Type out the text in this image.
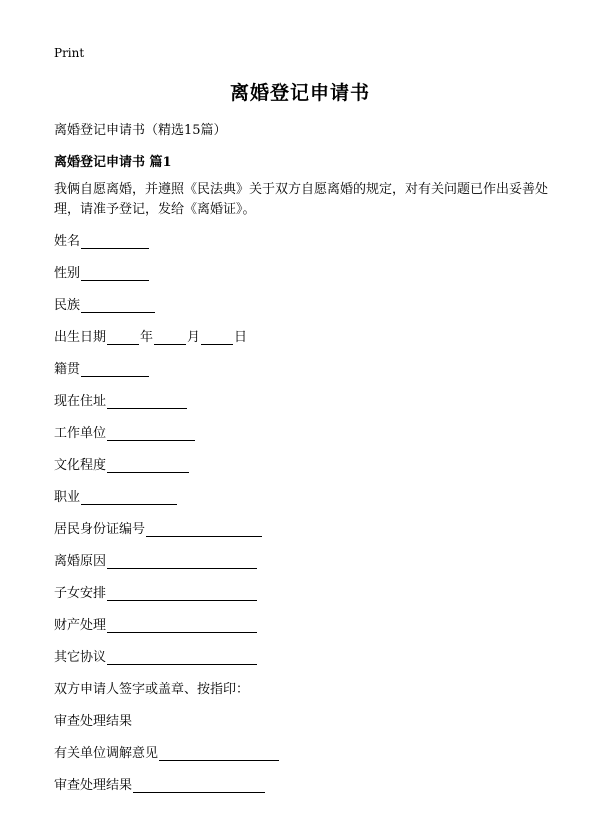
Print
离婚登记申请书
离婚登记申请书（精选15篇）
离婚登记申请书 篇1
我俩自愿离婚，并遵照《民法典》关于双方自愿离婚的规定，对有关问题已作出妥善处理，请准予登记，发给《离婚证》。
姓名
性别
民族
出生日期	年	月	日
籍贯
现在住址
工作单位
文化程度
职业
居民身份证编号
离婚原因
子女安排
财产处理
其它协议
双方申请人签字或盖章、按指印：
审查处理结果
有关单位调解意见
审查处理结果
